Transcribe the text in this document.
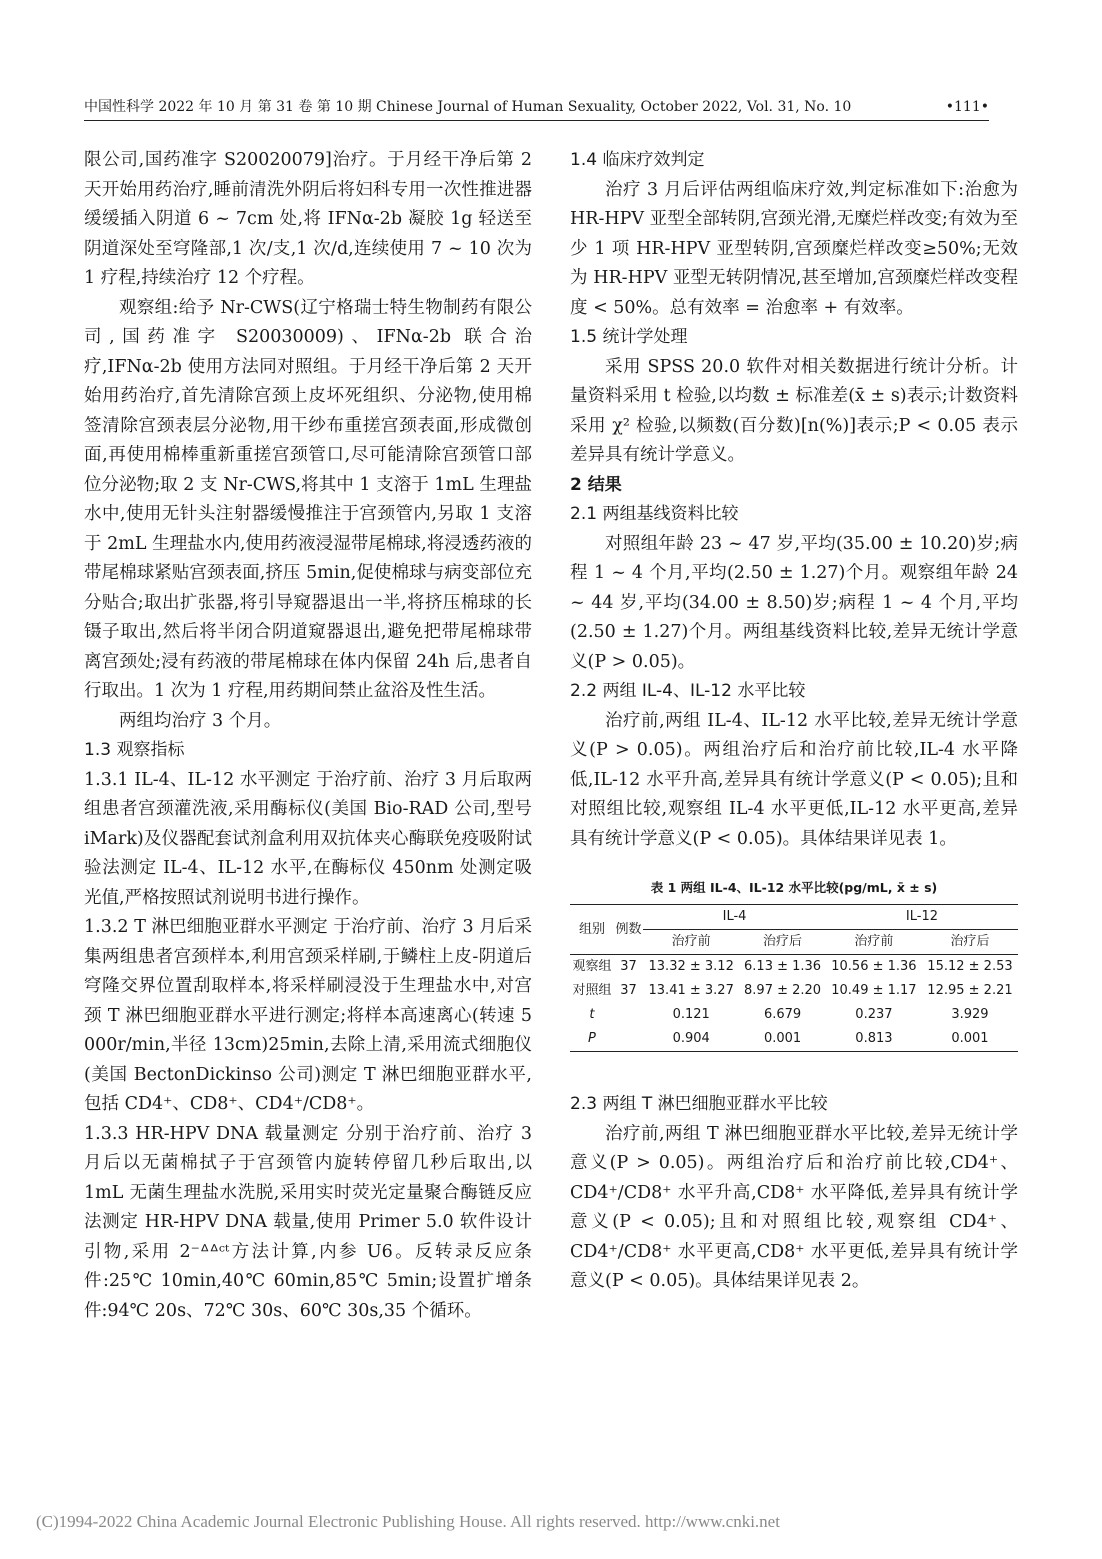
中国性科学 2022 年 10 月 第 31 卷 第 10 期 Chinese Journal of Human Sexuality, October 2022, Vol. 31, No. 10	•111•

限公司,国药准字 S20020079]治疗。于月经干净后第 2 天开始用药治疗,睡前清洗外阴后将妇科专用一次性推进器缓缓插入阴道 6 ~ 7cm 处,将 IFNα-2b 凝胶 1g 轻送至阴道深处至穹隆部,1 次/支,1 次/d,连续使用 7 ~ 10 次为 1 疗程,持续治疗 12 个疗程。

观察组:给予 Nr-CWS(辽宁格瑞士特生物制药有限公司,国药准字 S20030009)、IFNα-2b 联合治疗,IFNα-2b 使用方法同对照组。于月经干净后第 2 天开始用药治疗,首先清除宫颈上皮坏死组织、分泌物,使用棉签清除宫颈表层分泌物,用干纱布重搓宫颈表面,形成微创面,再使用棉棒重新重搓宫颈管口,尽可能清除宫颈管口部位分泌物;取 2 支 Nr-CWS,将其中 1 支溶于 1mL 生理盐水中,使用无针头注射器缓慢推注于宫颈管内,另取 1 支溶于 2mL 生理盐水内,使用药液浸湿带尾棉球,将浸透药液的带尾棉球紧贴宫颈表面,挤压 5min,促使棉球与病变部位充分贴合;取出扩张器,将引导窥器退出一半,将挤压棉球的长镊子取出,然后将半闭合阴道窥器退出,避免把带尾棉球带离宫颈处;浸有药液的带尾棉球在体内保留 24h 后,患者自行取出。1 次为 1 疗程,用药期间禁止盆浴及性生活。

两组均治疗 3 个月。

1.3 观察指标

1.3.1 IL-4、IL-12 水平测定 于治疗前、治疗 3 月后取两组患者宫颈灌洗液,采用酶标仪(美国 Bio-RAD 公司,型号 iMark)及仪器配套试剂盒利用双抗体夹心酶联免疫吸附试验法测定 IL-4、IL-12 水平,在酶标仪 450nm 处测定吸光值,严格按照试剂说明书进行操作。

1.3.2 T 淋巴细胞亚群水平测定 于治疗前、治疗 3 月后采集两组患者宫颈样本,利用宫颈采样刷,于鳞柱上皮-阴道后穹隆交界位置刮取样本,将采样刷浸没于生理盐水中,对宫颈 T 淋巴细胞亚群水平进行测定;将样本高速离心(转速 5 000r/min,半径 13cm)25min,去除上清,采用流式细胞仪(美国 BectonDickinso 公司)测定 T 淋巴细胞亚群水平,包括 CD4⁺、CD8⁺、CD4⁺/CD8⁺。

1.3.3 HR-HPV DNA 载量测定 分别于治疗前、治疗 3 月后以无菌棉拭子于宫颈管内旋转停留几秒后取出,以 1mL 无菌生理盐水洗脱,采用实时荧光定量聚合酶链反应法测定 HR-HPV DNA 载量,使用 Primer 5.0 软件设计引物,采用 2⁻ᐞᐞᶜᵗ方法计算,内参 U6。反转录反应条件:25℃ 10min,40℃ 60min,85℃ 5min;设置扩增条件:94℃ 20s、72℃ 30s、60℃ 30s,35 个循环。

1.4 临床疗效判定

治疗 3 月后评估两组临床疗效,判定标准如下:治愈为 HR-HPV 亚型全部转阴,宫颈光滑,无糜烂样改变;有效为至少 1 项 HR-HPV 亚型转阴,宫颈糜烂样改变≥50%;无效为 HR-HPV 亚型无转阴情况,甚至增加,宫颈糜烂样改变程度 < 50%。总有效率 = 治愈率 + 有效率。

1.5 统计学处理

采用 SPSS 20.0 软件对相关数据进行统计分析。计量资料采用 t 检验,以均数 ± 标准差(x̄ ± s)表示;计数资料采用 χ² 检验,以频数(百分数)[n(%)]表示;P < 0.05 表示差异具有统计学意义。

2 结果

2.1 两组基线资料比较

对照组年龄 23 ~ 47 岁,平均(35.00 ± 10.20)岁;病程 1 ~ 4 个月,平均(2.50 ± 1.27)个月。观察组年龄 24 ~ 44 岁,平均(34.00 ± 8.50)岁;病程 1 ~ 4 个月,平均(2.50 ± 1.27)个月。两组基线资料比较,差异无统计学意义(P > 0.05)。

2.2 两组 IL-4、IL-12 水平比较

治疗前,两组 IL-4、IL-12 水平比较,差异无统计学意义(P > 0.05)。两组治疗后和治疗前比较,IL-4 水平降低,IL-12 水平升高,差异具有统计学意义(P < 0.05);且和对照组比较,观察组 IL-4 水平更低,IL-12 水平更高,差异具有统计学意义(P < 0.05)。具体结果详见表 1。

表 1 两组 IL-4、IL-12 水平比较(pg/mL, x̄ ± s)
组别	例数	IL-4		IL-12	
		治疗前	治疗后	治疗前	治疗后
观察组	37	13.32 ± 3.12	6.13 ± 1.36	10.56 ± 1.36	15.12 ± 2.53
对照组	37	13.41 ± 3.27	8.97 ± 2.20	10.49 ± 1.17	12.95 ± 2.21
t		0.121	6.679	0.237	3.929
P		0.904	0.001	0.813	0.001

2.3 两组 T 淋巴细胞亚群水平比较

治疗前,两组 T 淋巴细胞亚群水平比较,差异无统计学意义(P > 0.05)。两组治疗后和治疗前比较,CD4⁺、CD4⁺/CD8⁺ 水平升高,CD8⁺ 水平降低,差异具有统计学意义(P < 0.05);且和对照组比较,观察组 CD4⁺、CD4⁺/CD8⁺ 水平更高,CD8⁺ 水平更低,差异具有统计学意义(P < 0.05)。具体结果详见表 2。

(C)1994-2022 China Academic Journal Electronic Publishing House. All rights reserved. http://www.cnki.net
